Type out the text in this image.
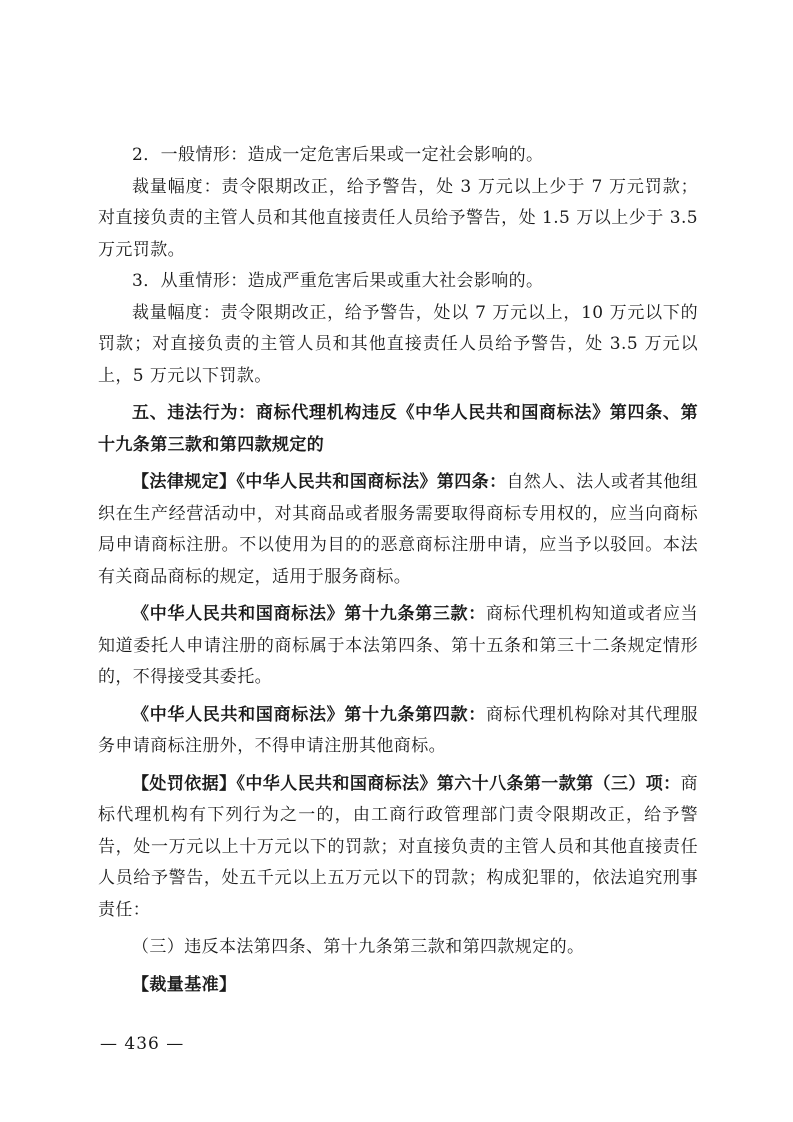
2．一般情形：造成一定危害后果或一定社会影响的。

裁量幅度：责令限期改正，给予警告，处 3 万元以上少于 7 万元罚款；对直接负责的主管人员和其他直接责任人员给予警告，处 1.5 万以上少于 3.5 万元罚款。

3．从重情形：造成严重危害后果或重大社会影响的。

裁量幅度：责令限期改正，给予警告，处以 7 万元以上，10 万元以下的罚款；对直接负责的主管人员和其他直接责任人员给予警告，处 3.5 万元以上，5 万元以下罚款。

五、违法行为：商标代理机构违反《中华人民共和国商标法》第四条、第十九条第三款和第四款规定的

【法律规定】《中华人民共和国商标法》第四条：自然人、法人或者其他组织在生产经营活动中，对其商品或者服务需要取得商标专用权的，应当向商标局申请商标注册。不以使用为目的的恶意商标注册申请，应当予以驳回。本法有关商品商标的规定，适用于服务商标。

《中华人民共和国商标法》第十九条第三款：商标代理机构知道或者应当知道委托人申请注册的商标属于本法第四条、第十五条和第三十二条规定情形的，不得接受其委托。

《中华人民共和国商标法》第十九条第四款：商标代理机构除对其代理服务申请商标注册外，不得申请注册其他商标。

【处罚依据】《中华人民共和国商标法》第六十八条第一款第（三）项：商标代理机构有下列行为之一的，由工商行政管理部门责令限期改正，给予警告，处一万元以上十万元以下的罚款；对直接负责的主管人员和其他直接责任人员给予警告，处五千元以上五万元以下的罚款；构成犯罪的，依法追究刑事责任：

（三）违反本法第四条、第十九条第三款和第四款规定的。

【裁量基准】

— 436 —
